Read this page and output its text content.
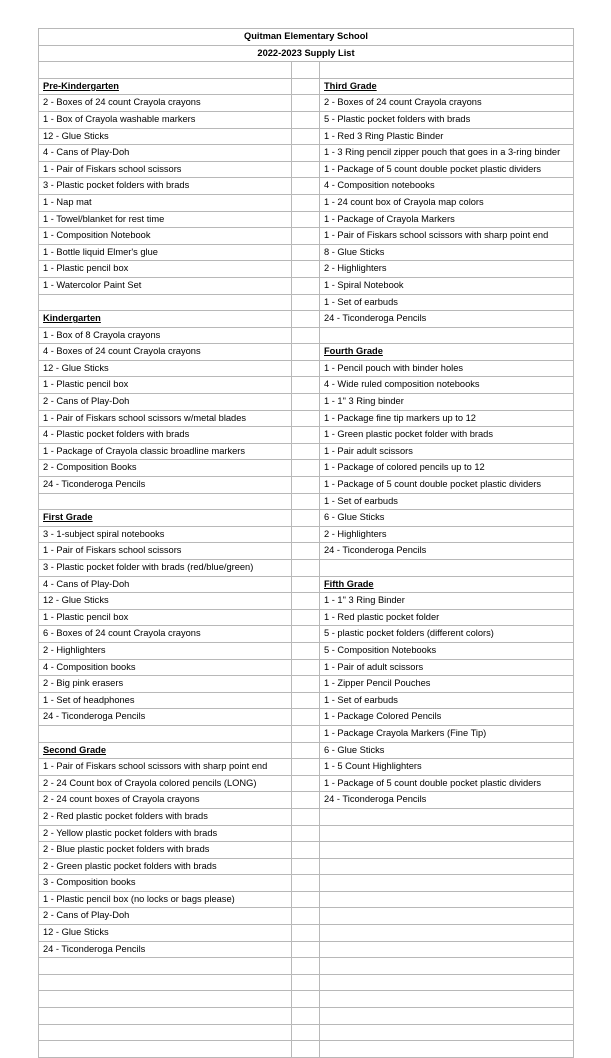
Quitman Elementary School		
2022-2023 Supply List		

Pre-Kindergarten		Third Grade
2 - Boxes of 24 count Crayola crayons		2 - Boxes of 24 count Crayola crayons
1 - Box of Crayola washable markers		5 - Plastic pocket folders with brads
12 - Glue Sticks		1 - Red 3 Ring Plastic Binder
4 - Cans of Play-Doh		1 - 3 Ring pencil zipper pouch that goes in a 3-ring binder
1 - Pair of Fiskars school scissors		1 - Package of 5 count double pocket plastic dividers
3 - Plastic pocket folders with brads		4 - Composition notebooks
1 - Nap mat		1 - 24 count box of Crayola map colors
1 - Towel/blanket for rest time		1 - Package of Crayola Markers
1 - Composition Notebook		1 - Pair of Fiskars school scissors with sharp point end
1 - Bottle liquid Elmer's glue		8 - Glue Sticks
1 - Plastic pencil box		2 - Highlighters
1 - Watercolor Paint Set		1 - Spiral Notebook
		1 - Set of earbuds
Kindergarten		24 - Ticonderoga Pencils
1 - Box of 8 Crayola crayons		
4 - Boxes of 24 count Crayola crayons		Fourth Grade
12 - Glue Sticks		1 - Pencil pouch with binder holes
1 - Plastic pencil box		4 - Wide ruled composition notebooks
2 - Cans of Play-Doh		1 - 1" 3 Ring binder
1 - Pair of Fiskars school scissors w/metal blades		1 - Package fine tip markers up to 12
4 - Plastic pocket folders with brads		1 - Green plastic pocket folder with brads
1 - Package of Crayola classic broadline markers		1 - Pair adult scissors
2 - Composition Books		1 - Package of colored pencils up to 12
24 - Ticonderoga Pencils		1 - Package of 5 count double pocket plastic dividers
		1 - Set of earbuds
First Grade		6 - Glue Sticks
3 - 1-subject spiral notebooks		2 - Highlighters
1 - Pair of Fiskars school scissors		24 - Ticonderoga Pencils
3 - Plastic pocket folder with brads (red/blue/green)		
4 - Cans of Play-Doh		Fifth Grade
12 - Glue Sticks		1 - 1" 3 Ring Binder
1 - Plastic pencil box		1 - Red plastic pocket folder
6 - Boxes of 24 count Crayola crayons		5 - plastic pocket folders (different colors)
2 - Highlighters		5 - Composition Notebooks
4 - Composition books		1 - Pair of adult scissors
2 - Big pink erasers		1 - Zipper Pencil Pouches
1 - Set of headphones		1 - Set of earbuds
24 - Ticonderoga Pencils		1 - Package Colored Pencils
		1 - Package Crayola Markers (Fine Tip)
Second Grade		6 - Glue Sticks
1 - Pair of Fiskars school scissors with sharp point end		1 - 5 Count Highlighters
2 - 24 Count box of Crayola colored pencils (LONG)		1 - Package of 5 count double pocket plastic dividers
2 - 24 count boxes of Crayola crayons		24 - Ticonderoga Pencils
2 - Red plastic pocket folders with brads		
2 - Yellow plastic pocket folders with brads		
2 - Blue plastic pocket folders with brads		
2 - Green plastic pocket folders with brads		
3 - Composition books		
1 - Plastic pencil box (no locks or bags please)		
2 - Cans of Play-Doh		
12 - Glue Sticks		
24 - Ticonderoga Pencils		
